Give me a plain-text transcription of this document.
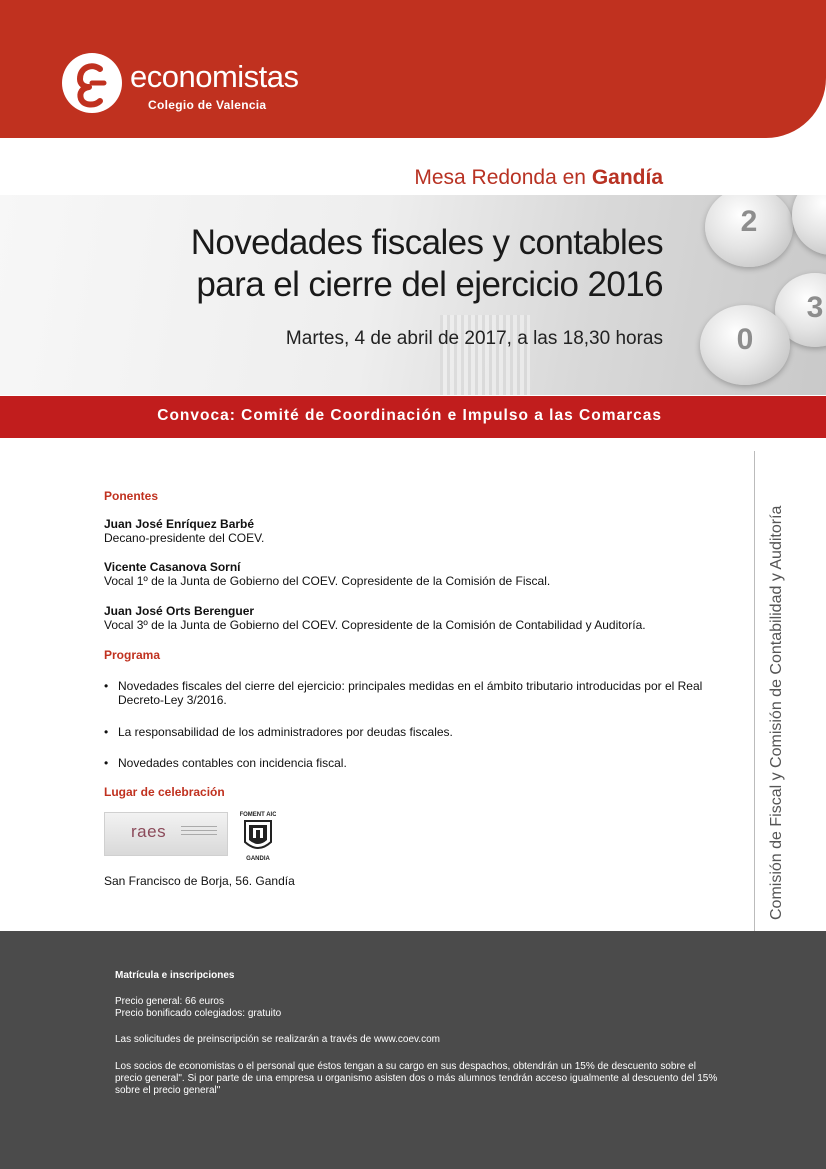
economistas
Colegio de Valencia
Mesa Redonda en Gandía
2
3
0
Novedades fiscales y contables
para el cierre del ejercicio 2016
Martes, 4 de abril de 2017, a las 18,30 horas
Convoca: Comité de Coordinación e Impulso a las Comarcas
Comisión de Fiscal y Comisión de Contabilidad y Auditoría
Ponentes
Juan José Enríquez Barbé
Decano-presidente del COEV.
Vicente Casanova Sorní
Vocal 1º de la Junta de Gobierno del COEV. Copresidente de la Comisión de Fiscal.
Juan José Orts Berenguer
Vocal 3º de la Junta de Gobierno del COEV. Copresidente de la Comisión de Contabilidad y Auditoría.
Programa
• Novedades fiscales del cierre del ejercicio: principales medidas en el ámbito tributario introducidas por el Real Decreto-Ley 3/2016.
• La responsabilidad de los administradores por deudas fiscales.
• Novedades contables con incidencia fiscal.
Lugar de celebración
raes
FOMENT AIC
GANDIA
San Francisco de Borja, 56. Gandía
Matrícula e inscripciones
Precio general: 66 euros
Precio bonificado colegiados: gratuito
Las solicitudes de preinscripción se realizarán a través de www.coev.com
Los socios de economistas o el personal que éstos tengan a su cargo en sus despachos, obtendrán un 15% de descuento sobre el precio general". Si por parte de una empresa u organismo asisten dos o más alumnos tendrán acceso igualmente al descuento del 15% sobre el precio general"
